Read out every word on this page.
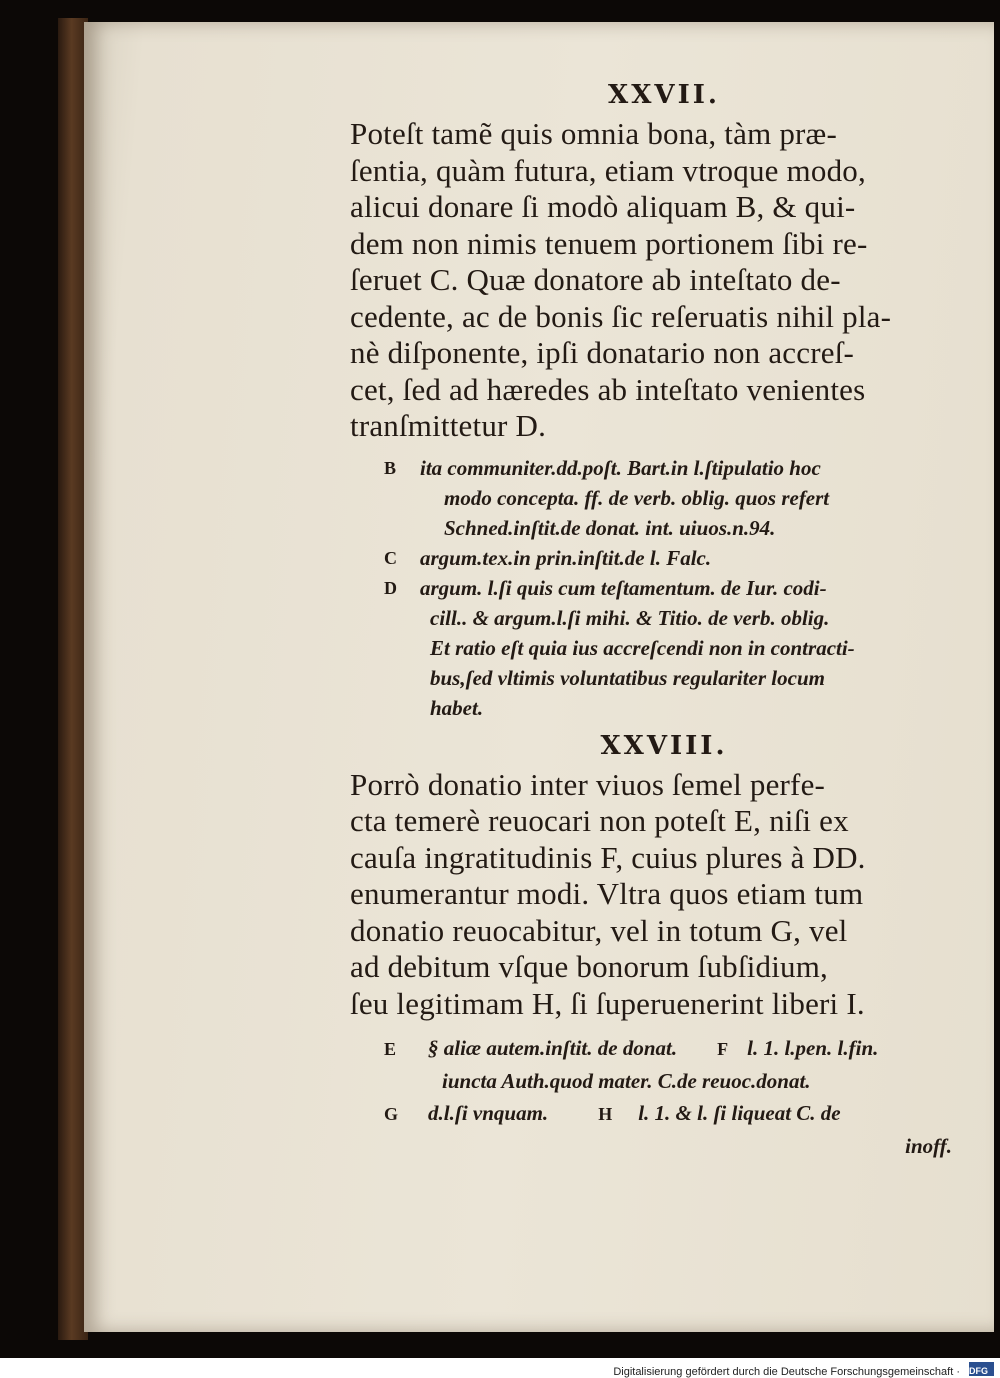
XXVII.
Poteſt tamẽ quis omnia bona, tàm præ-
ſentia, quàm futura, etiam vtroque modo,
alicui donare ſi modò aliquam B, & qui-
dem non nimis tenuem portionem ſibi re-
ſeruet C. Quæ donatore ab inteſtato de-
cedente, ac de bonis ſic reſeruatis nihil pla-
nè diſponente, ipſi donatario non accreſ-
cet, ſed ad hæredes ab inteſtato venientes
tranſmittetur D.
B ita communiter.dd.poſt. Bart.in l.ſtipulatio hoc
modo concepta. ff. de verb. oblig. quos refert
Schned.inſtit.de donat. int. uiuos.n.94.
C argum.tex.in prin.inſtit.de l. Falc.
D argum. l.ſi quis cum teſtamentum. de Iur. codi-
cill.. & argum.l.ſi mihi. & Titio. de verb. oblig.
Et ratio eſt quia ius accreſcendi non in contracti-
bus,ſed vltimis voluntatibus regulariter locum
habet.
XXVIII.
Porrò donatio inter viuos ſemel perfe-
cta temerè reuocari non poteſt E, niſi ex
cauſa ingratitudinis F, cuius plures à DD.
enumerantur modi. Vltra quos etiam tum
donatio reuocabitur, vel in totum G, vel
ad debitum vſque bonorum ſubſidium,
ſeu legitimam H, ſi ſuperuenerint liberi I.
E § aliæ autem.inſtit. de donat. F l. 1. l.pen. l.fin.
iuncta Auth.quod mater. C.de reuoc.donat.
G d.l.ſi vnquam.	H l. 1. & l. ſi liqueat C. de
inoff.
Digitalisierung gefördert durch die Deutsche Forschungsgemeinschaft · DFG
